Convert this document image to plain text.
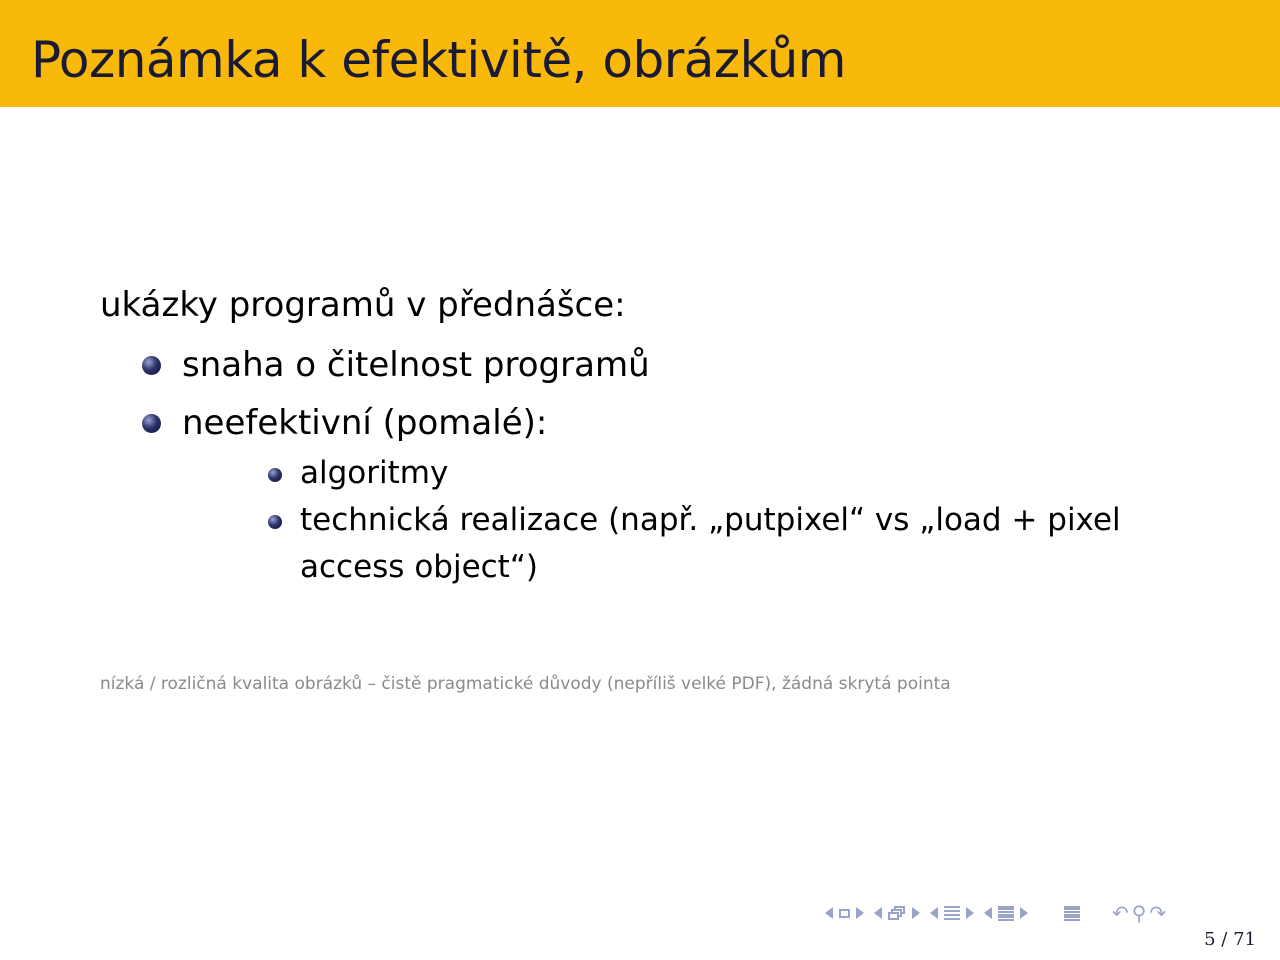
Poznámka k efektivitě, obrázkům
ukázky programů v přednášce:
snaha o čitelnost programů
neefektivní (pomalé):
algoritmy
technická realizace (např. „putpixel“ vs „load + pixel access object“)
nízká / rozličná kvalita obrázků – čistě pragmatické důvody (nepříliš velké PDF), žádná skrytá pointa
↶ ⚲ ↷
5 / 71
